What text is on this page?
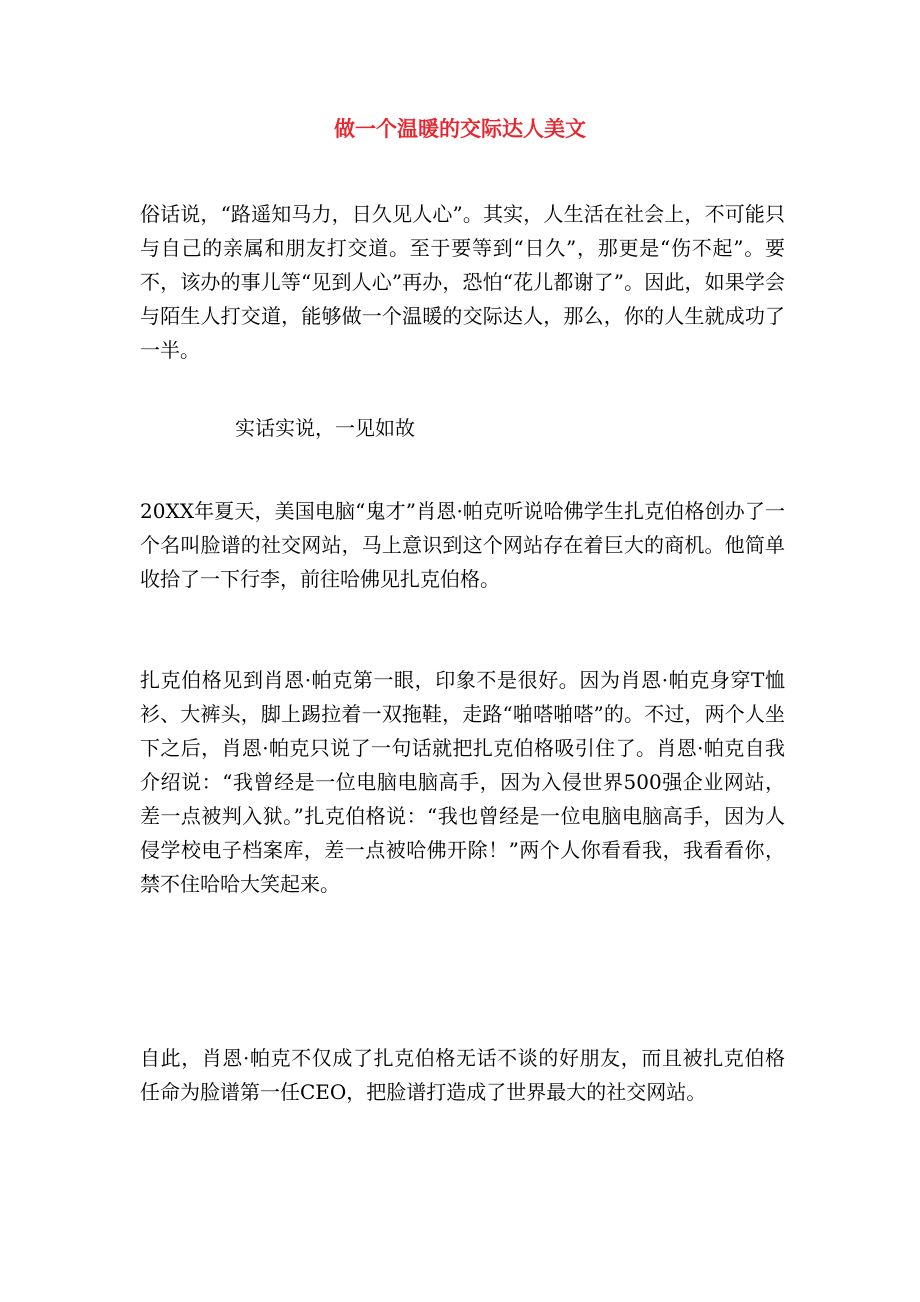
做一个温暖的交际达人美文

俗话说，“路遥知马力，日久见人心”。其实，人生活在社会上，不可能只与自己的亲属和朋友打交道。至于要等到“日久”，那更是“伤不起”。要不，该办的事儿等“见到人心”再办，恐怕“花儿都谢了”。因此，如果学会与陌生人打交道，能够做一个温暖的交际达人，那么，你的人生就成功了一半。

实话实说，一见如故

20XX年夏天，美国电脑“鬼才”肖恩·帕克听说哈佛学生扎克伯格创办了一个名叫脸谱的社交网站，马上意识到这个网站存在着巨大的商机。他简单收拾了一下行李，前往哈佛见扎克伯格。

扎克伯格见到肖恩·帕克第一眼，印象不是很好。因为肖恩·帕克身穿T恤衫、大裤头，脚上踢拉着一双拖鞋，走路“啪嗒啪嗒”的。不过，两个人坐下之后，肖恩·帕克只说了一句话就把扎克伯格吸引住了。肖恩·帕克自我介绍说：“我曾经是一位电脑电脑高手，因为入侵世界500强企业网站，差一点被判入狱。”扎克伯格说：“我也曾经是一位电脑电脑高手，因为人侵学校电子档案库，差一点被哈佛开除！”两个人你看看我，我看看你，禁不住哈哈大笑起来。

自此，肖恩·帕克不仅成了扎克伯格无话不谈的好朋友，而且被扎克伯格任命为脸谱第一任CEO，把脸谱打造成了世界最大的社交网站。
